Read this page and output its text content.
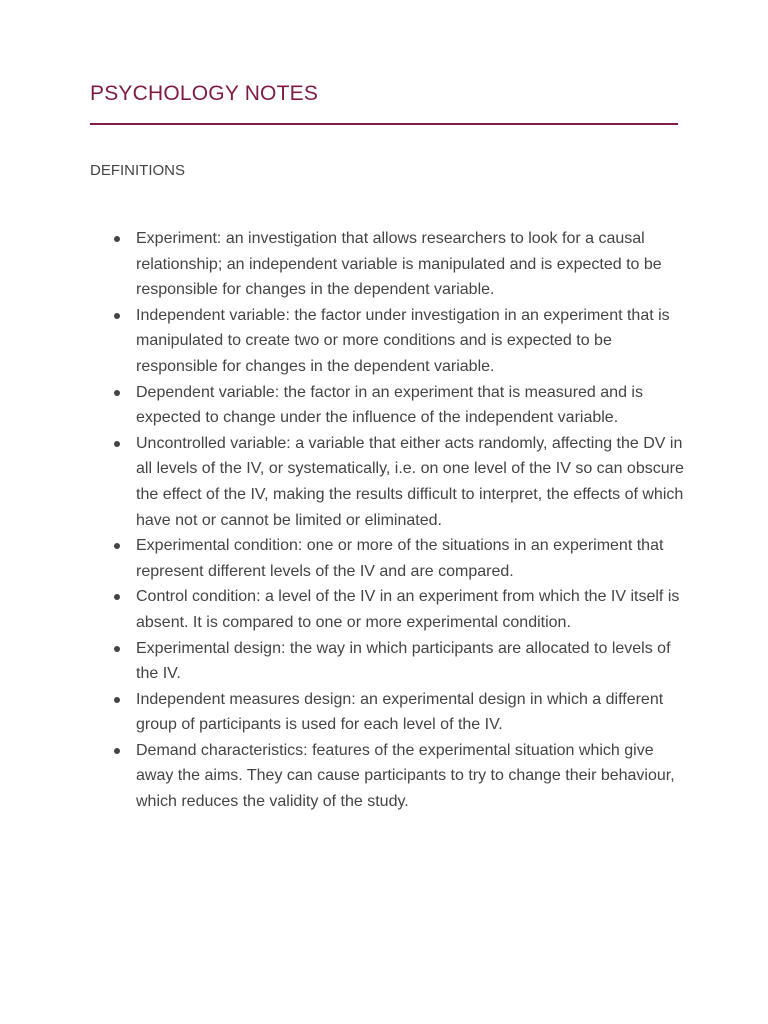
PSYCHOLOGY NOTES
DEFINITIONS
Experiment: an investigation that allows researchers to look for a causal relationship; an independent variable is manipulated and is expected to be responsible for changes in the dependent variable.
Independent variable: the factor under investigation in an experiment that is manipulated to create two or more conditions and is expected to be responsible for changes in the dependent variable.
Dependent variable: the factor in an experiment that is measured and is expected to change under the influence of the independent variable.
Uncontrolled variable: a variable that either acts randomly, affecting the DV in all levels of the IV, or systematically, i.e. on one level of the IV so can obscure the effect of the IV, making the results difficult to interpret, the effects of which have not or cannot be limited or eliminated.
Experimental condition: one or more of the situations in an experiment that represent different levels of the IV and are compared.
Control condition: a level of the IV in an experiment from which the IV itself is absent. It is compared to one or more experimental condition.
Experimental design: the way in which participants are allocated to levels of the IV.
Independent measures design: an experimental design in which a different group of participants is used for each level of the IV.
Demand characteristics: features of the experimental situation which give away the aims. They can cause participants to try to change their behaviour, which reduces the validity of the study.
